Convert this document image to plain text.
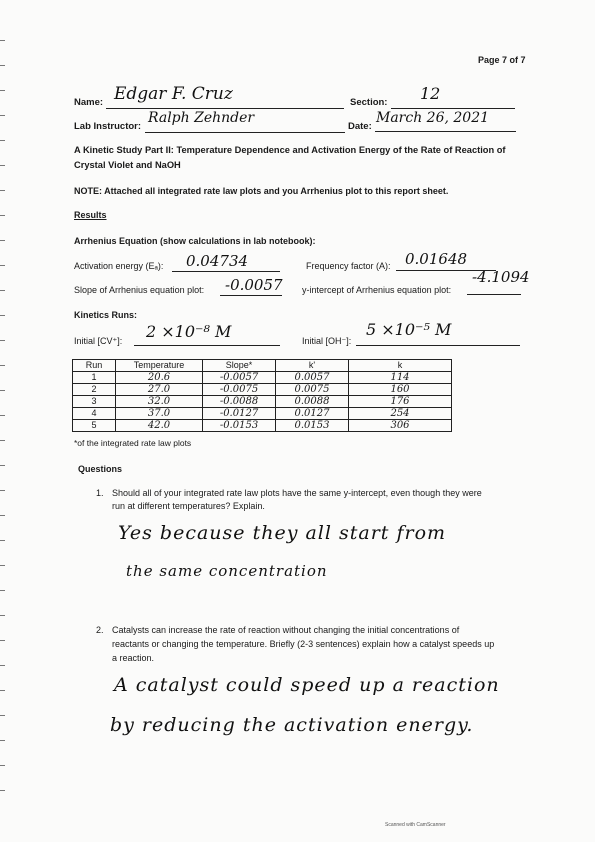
Page 7 of 7
Name: Edgar F. Cruz	Section: 12
Lab Instructor:
Ralph Zehnder
Date:
March 26, 2021
A Kinetic Study Part II: Temperature Dependence and Activation Energy of the Rate of Reaction of
Crystal Violet and NaOH
NOTE: Attached all integrated rate law plots and you Arrhenius plot to this report sheet.
Results
Arrhenius Equation (show calculations in lab notebook):
Activation energy (Eₐ): 0.04734	Frequency factor (A): 0.01648
Slope of Arrhenius equation plot: -0.0057 y-intercept of Arrhenius equation plot:
-4.1094
Kinetics Runs:
Initial [CV⁺]: 2 ×10⁻⁸ M	Initial [OH⁻]:
5 ×10⁻⁵ M
Run	Temperature	Slope*	k'	k
1	20.6	-0.0057	0.0057	114
2	27.0	-0.0075	0.0075	160
3	32.0	-0.0088	0.0088	176
4	37.0	-0.0127	0.0127	254
5	42.0	-0.0153	0.0153	306
*of the integrated rate law plots
Questions
1. Should all of your integrated rate law plots have the same y-intercept, even though they were
run at different temperatures? Explain.
Yes because they all start from
the same concentration
2. Catalysts can increase the rate of reaction without changing the initial concentrations of
reactants or changing the temperature. Briefly (2-3 sentences) explain how a catalyst speeds up
a reaction.
A catalyst could speed up a reaction
by reducing the activation energy.
Scanned with CamScanner
